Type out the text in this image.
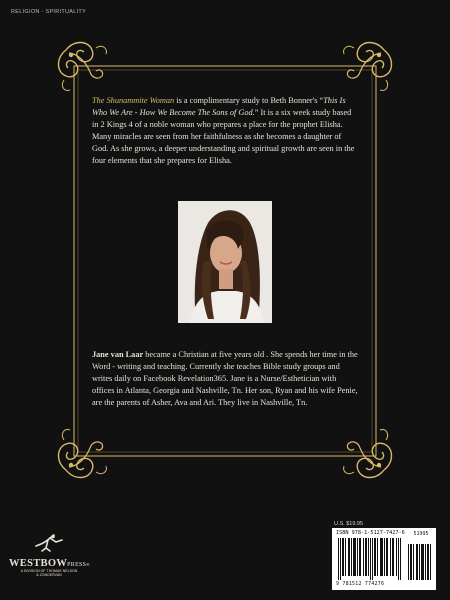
RELIGION - SPIRITUALITY
The Shunammite Woman is a complimentary study to Beth Bonner's “This Is Who We Are - How We Become The Sons of God.” It is a six week study based in 2 Kings 4 of a noble woman who prepares a place for the prophet Elisha. Many miracles are seen from her faithfulness as she becomes a daughter of God. As she grows, a deeper understanding and spiritual growth are seen in the four elements that she prepares for Elisha.
Jane van Laar became a Christian at five years old . She spends her time in the Word - writing and teaching. Currently she teaches Bible study groups and writes daily on Facebook Revelation365. Jane is a Nurse/Esthetician with offices in Atlanta, Georgia and Nashville, Tn. Her son, Ryan and his wife Penie, are the parents of Asher, Ava and Ari. They live in Nashville, Tn.
WESTBOWPRESS®
A DIVISION OF THOMAS NELSON
& ZONDERVAN
U.S. $19.95
ISBN 978-1-5127-7427-6	51995
9 781512 774276
